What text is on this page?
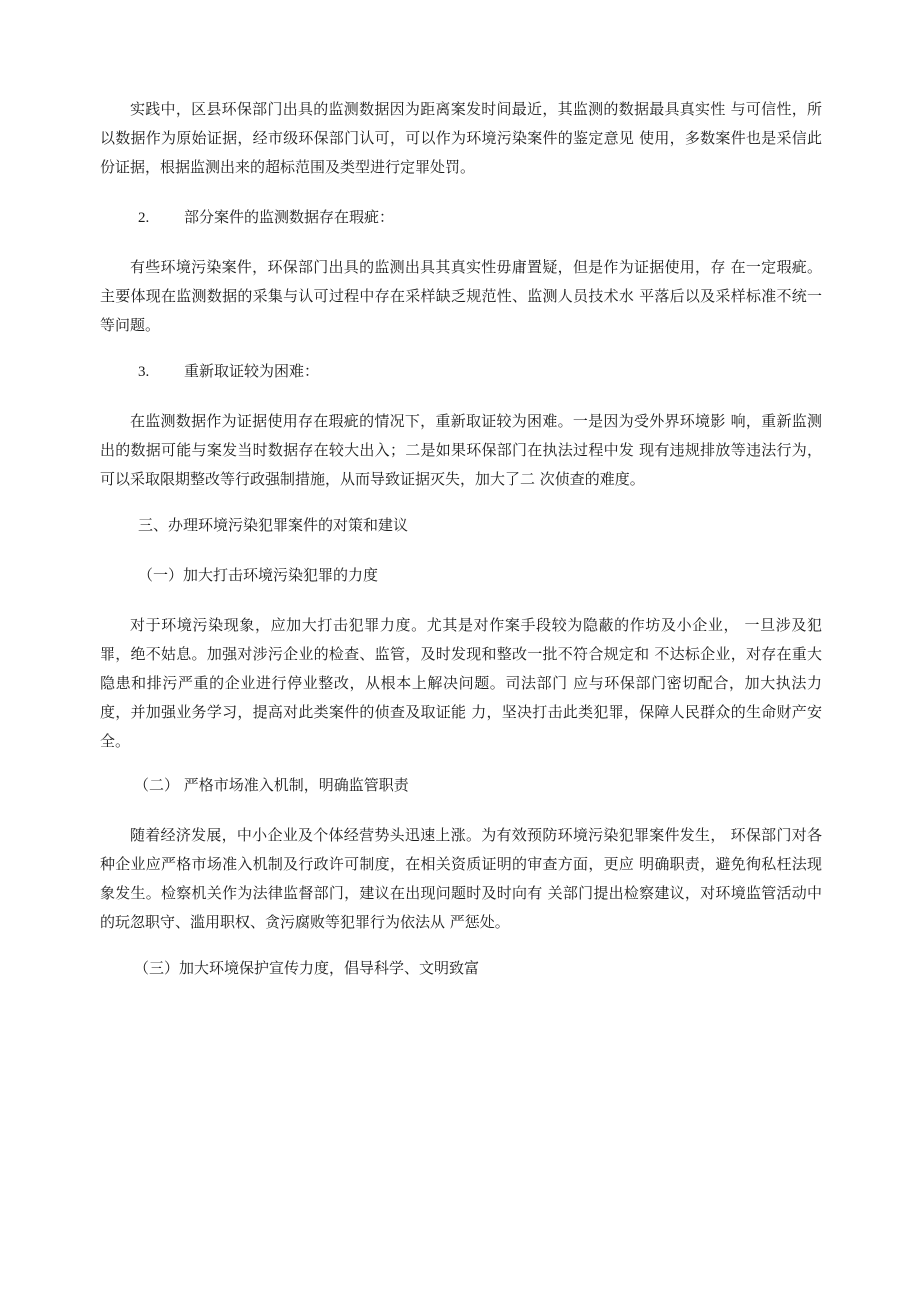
实践中，区县环保部门出具的监测数据因为距离案发时间最近，其监测的数据最具真实性 与可信性，所以数据作为原始证据，经市级环保部门认可，可以作为环境污染案件的鉴定意见 使用，多数案件也是采信此份证据，根据监测出来的超标范围及类型进行定罪处罚。

2. 部分案件的监测数据存在瑕疵：

有些环境污染案件，环保部门出具的监测出具其真实性毋庸置疑，但是作为证据使用，存 在一定瑕疵。主要体现在监测数据的采集与认可过程中存在采样缺乏规范性、监测人员技术水 平落后以及采样标准不统一等问题。

3. 重新取证较为困难：

在监测数据作为证据使用存在瑕疵的情况下，重新取证较为困难。一是因为受外界环境影 响，重新监测出的数据可能与案发当时数据存在较大出入；二是如果环保部门在执法过程中发 现有违规排放等违法行为，可以采取限期整改等行政强制措施，从而导致证据灭失，加大了二 次侦查的难度。

三、办理环境污染犯罪案件的对策和建议

（一）加大打击环境污染犯罪的力度

对于环境污染现象，应加大打击犯罪力度。尤其是对作案手段较为隐蔽的作坊及小企业， 一旦涉及犯罪，绝不姑息。加强对涉污企业的检查、监管，及时发现和整改一批不符合规定和 不达标企业，对存在重大隐患和排污严重的企业进行停业整改，从根本上解决问题。司法部门 应与环保部门密切配合，加大执法力度，并加强业务学习，提高对此类案件的侦查及取证能 力，坚决打击此类犯罪，保障人民群众的生命财产安全。

（二） 严格市场准入机制，明确监管职责

随着经济发展，中小企业及个体经营势头迅速上涨。为有效预防环境污染犯罪案件发生， 环保部门对各种企业应严格市场准入机制及行政许可制度，在相关资质证明的审查方面，更应 明确职责，避免徇私枉法现象发生。检察机关作为法律监督部门，建议在出现问题时及时向有 关部门提出检察建议，对环境监管活动中的玩忽职守、滥用职权、贪污腐败等犯罪行为依法从 严惩处。

（三）加大环境保护宣传力度，倡导科学、文明致富
